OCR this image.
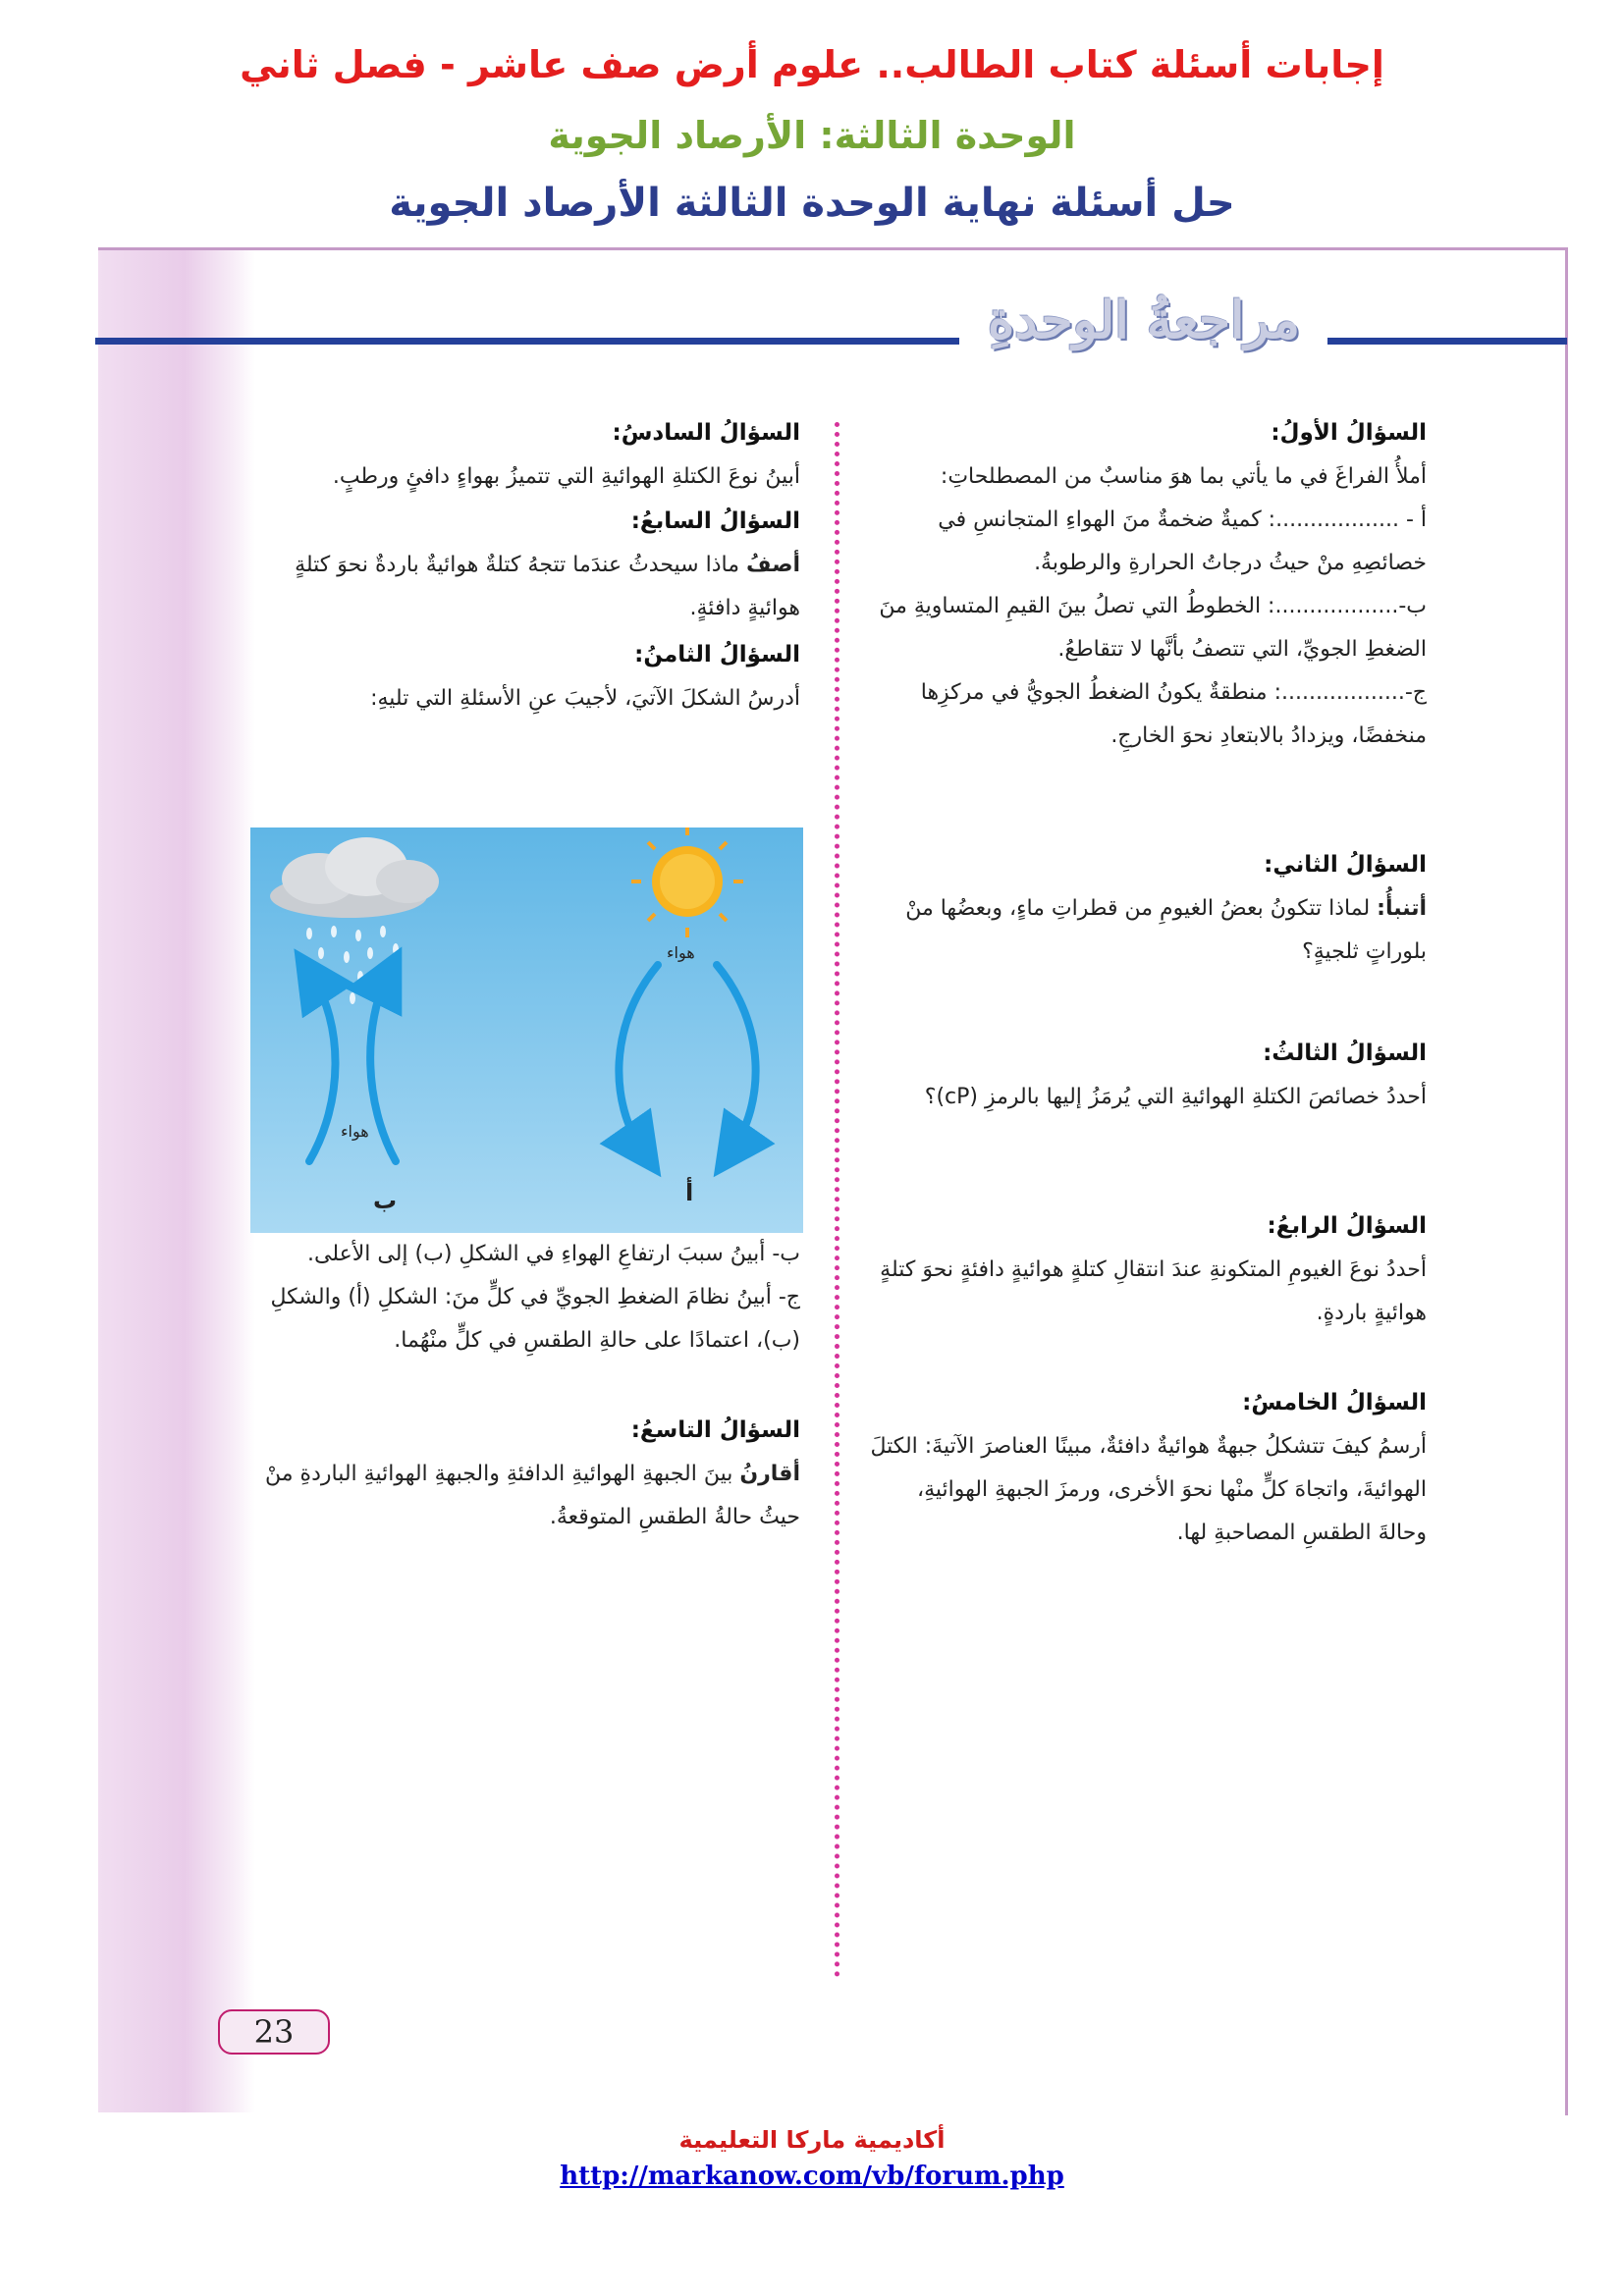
إجابات أسئلة كتاب الطالب.. علوم أرض صف عاشر - فصل ثاني
الوحدة الثالثة: الأرصاد الجوية
حل أسئلة نهاية الوحدة الثالثة الأرصاد الجوية
مراجعةُ الوحدةِ
السؤالُ الأولُ:

أملأُ الفراغَ في ما يأتي بما هوَ مناسبٌ من المصطلحاتِ:

أ - ..................: كميةٌ ضخمةٌ منَ الهواءِ المتجانسِ في خصائصِهِ منْ حيثُ درجاتُ الحرارةِ والرطوبةُ.

ب-..................: الخطوطُ التي تصلُ بينَ القيمِ المتساويةِ منَ الضغطِ الجويِّ، التي تتصفُ بأنَّها لا تتقاطعُ.

ج-..................: منطقةٌ يكونُ الضغطُ الجويُّ في مركزِها منخفضًا، ويزدادُ بالابتعادِ نحوَ الخارجِ.

السؤالُ الثاني:

أتنبأُ: لماذا تتكونُ بعضُ الغيومِ من قطراتِ ماءٍ، وبعضُها منْ بلوراتٍ ثلجيةٍ؟

السؤالُ الثالثُ:

أحددُ خصائصَ الكتلةِ الهوائيةِ التي يُرمَزُ إليها بالرمزِ (cP)؟

السؤالُ الرابعُ:

أحددُ نوعَ الغيومِ المتكونةِ عندَ انتقالِ كتلةٍ هوائيةٍ دافئةٍ نحوَ كتلةٍ هوائيةٍ باردةٍ.

السؤالُ الخامسُ:

أرسمُ كيفَ تتشكلُ جبهةٌ هوائيةٌ دافئةٌ، مبينًا العناصرَ الآتيةَ: الكتلَ الهوائيةَ، واتجاهَ كلٍّ منْها نحوَ الأخرى، ورمزَ الجبهةِ الهوائيةِ، وحالةَ الطقسِ المصاحبةِ لها.

السؤالُ السادسُ:

أبينُ نوعَ الكتلةِ الهوائيةِ التي تتميزُ بهواءٍ دافئٍ ورطبٍ.

السؤالُ السابعُ:

أصفُ ماذا سيحدثُ عندَما تتجهُ كتلةٌ هوائيةٌ باردةٌ نحوَ كتلةٍ هوائيةٍ دافئةٍ.

السؤالُ الثامنُ:

أدرسُ الشكلَ الآتيَ، لأجيبَ عنِ الأسئلةِ التي تليهِ:

ب- أبينُ سببَ ارتفاعِ الهواءِ في الشكلِ (ب) إلى الأعلى.

ج- أبينُ نظامَ الضغطِ الجويِّ في كلٍّ منَ: الشكلِ (أ) والشكلِ (ب)، اعتمادًا على حالةِ الطقسِ في كلٍّ منْهُما.

السؤالُ التاسعُ:

أقارنُ بينَ الجبهةِ الهوائيةِ الدافئةِ والجبهةِ الهوائيةِ الباردةِ منْ حيثُ حالةُ الطقسِ المتوقعةُ.

هواء
هواء
أ
ب
23
أكاديمية ماركا التعليمية
http://markanow.com/vb/forum.php
